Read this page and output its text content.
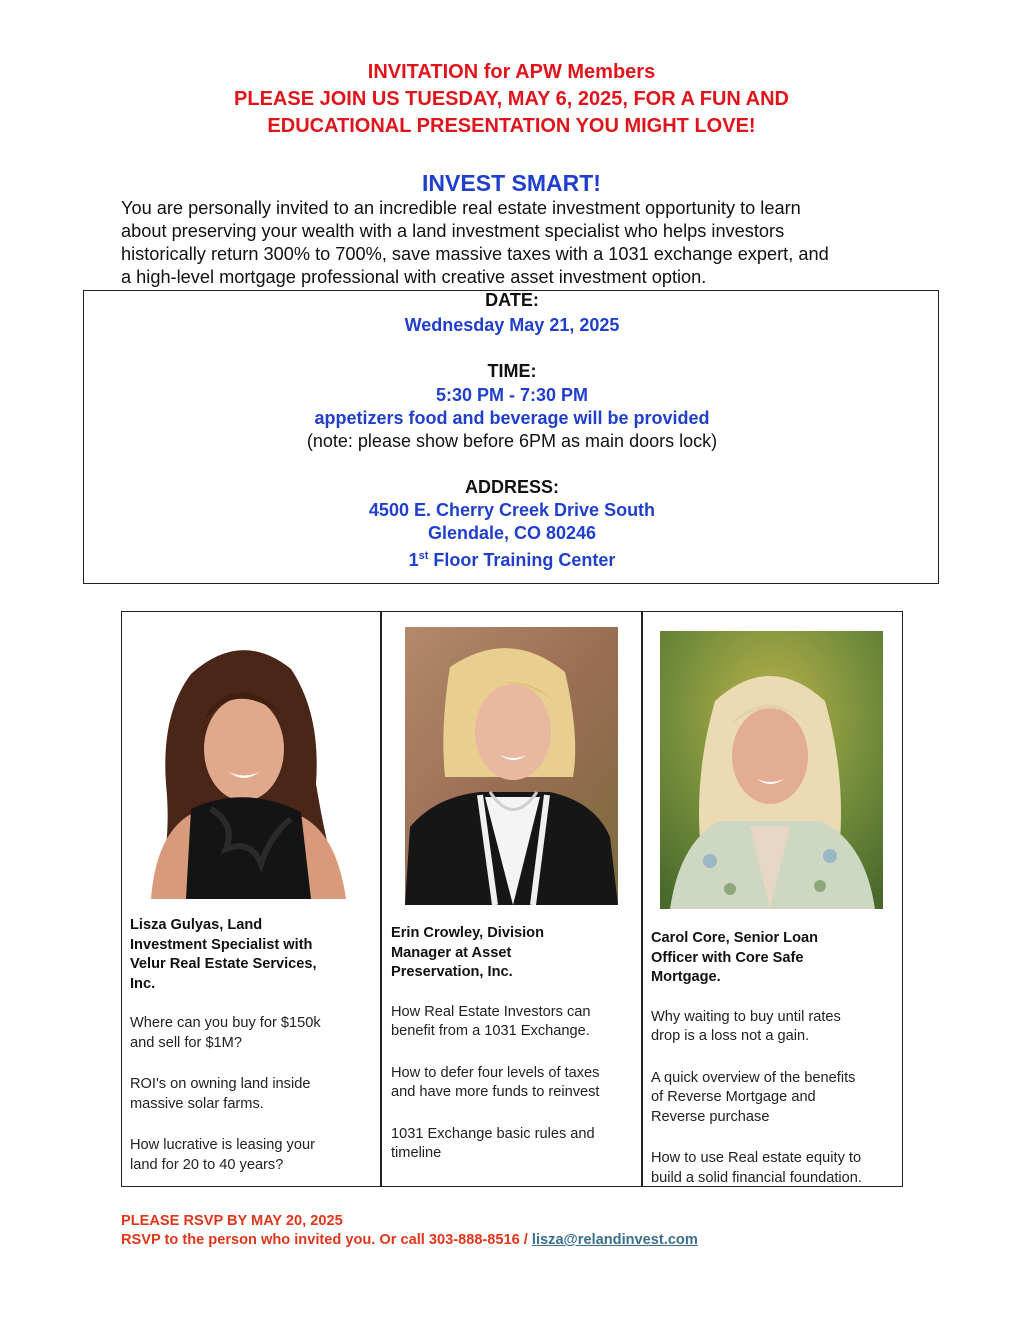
INVITATION for APW Members
PLEASE JOIN US TUESDAY, MAY 6, 2025, FOR A FUN AND
EDUCATIONAL PRESENTATION YOU MIGHT LOVE!
INVEST SMART!
You are personally invited to an incredible real estate investment opportunity to learn
about preserving your wealth with a land investment specialist who helps investors
historically return 300% to 700%, save massive taxes with a 1031 exchange expert, and
a high-level mortgage professional with creative asset investment option.
DATE:
Wednesday May 21, 2025
TIME:
5:30 PM - 7:30 PM
appetizers food and beverage will be provided
(note: please show before 6PM as main doors lock)
ADDRESS:
4500 E. Cherry Creek Drive South
Glendale, CO 80246
1st Floor Training Center
Lisza Gulyas, Land
Investment Specialist with
Velur Real Estate Services,
Inc.
Where can you buy for $150k
and sell for $1M?
ROI's on owning land inside
massive solar farms.
How lucrative is leasing your
land for 20 to 40 years?
Erin Crowley, Division
Manager at Asset
Preservation, Inc.
How Real Estate Investors can
benefit from a 1031 Exchange.
How to defer four levels of taxes
and have more funds to reinvest
1031 Exchange basic rules and
timeline
Carol Core, Senior Loan
Officer with Core Safe
Mortgage.
Why waiting to buy until rates
drop is a loss not a gain.
A quick overview of the benefits
of Reverse Mortgage and
Reverse purchase
How to use Real estate equity to
build a solid financial foundation.
PLEASE RSVP BY MAY 20, 2025
RSVP to the person who invited you. Or call 303-888-8516 / lisza@relandinvest.com
